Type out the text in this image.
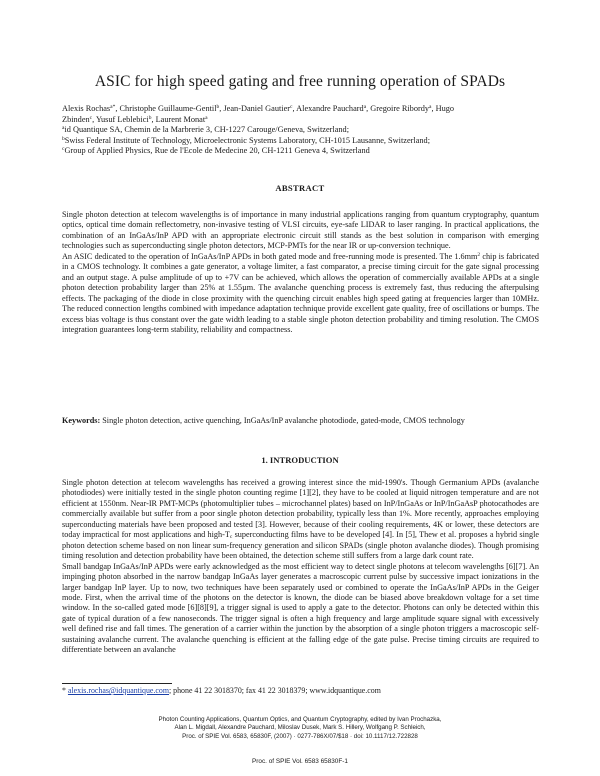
ASIC for high speed gating and free running operation of SPADs

Alexis Rochas$^{a*}$, Christophe Guillaume-Gentil$^b$, Jean-Daniel Gautier$^c$, Alexandre Pauchard$^a$, Gregoire Ribordy$^a$, Hugo

Zbinden$^c$, Yusuf Leblebici$^b$, Laurent Monat$^a$

$^a$id Quantique SA, Chemin de la Marbrerie 3, CH-1227 Carouge/Geneva, Switzerland;

$^b$Swiss Federal Institute of Technology, Microelectronic Systems Laboratory, CH-1015 Lausanne, Switzerland;

$^c$Group of Applied Physics, Rue de l'Ecole de Medecine 20, CH-1211 Geneva 4, Switzerland

ABSTRACT

Single photon detection at telecom wavelengths is of importance in many industrial applications ranging from quantum cryptography, quantum optics, optical time domain reflectometry, non-invasive testing of VLSI circuits, eye-safe LIDAR to laser ranging. In practical applications, the combination of an InGaAs/InP APD with an appropriate electronic circuit still stands as the best solution in comparison with emerging technologies such as superconducting single photon detectors, MCP-PMTs for the near IR or up-conversion technique.

An ASIC dedicated to the operation of InGaAs/InP APDs in both gated mode and free-running mode is presented. The $1.6mm^2$ chip is fabricated in a CMOS technology. It combines a gate generator, a voltage limiter, a fast comparator, a precise timing circuit for the gate signal processing and an output stage. A pulse amplitude of up to +7V can be achieved, which allows the operation of commercially available APDs at a single photon detection probability larger than 25% at 1.55µm. The avalanche quenching process is extremely fast, thus reducing the afterpulsing effects. The packaging of the diode in close proximity with the quenching circuit enables high speed gating at frequencies larger than 10MHz. The reduced connection lengths combined with impedance adaptation technique provide excellent gate quality, free of oscillations or bumps. The excess bias voltage is thus constant over the gate width leading to a stable single photon detection probability and timing resolution. The CMOS integration guarantees long-term stability, reliability and compactness.

Keywords: Single photon detection, active quenching, InGaAs/InP avalanche photodiode, gated-mode, CMOS technology

1. INTRODUCTION

Single photon detection at telecom wavelengths has received a growing interest since the mid-1990's. Though Germanium APDs (avalanche photodiodes) were initially tested in the single photon counting regime [1][2], they have to be cooled at liquid nitrogen temperature and are not efficient at 1550nm. Near-IR PMT-MCPs (photomultiplier tubes – microchannel plates) based on InP/InGaAs or InP/InGaAsP photocathodes are commercially available but suffer from a poor single photon detection probability, typically less than 1%. More recently, approaches employing superconducting materials have been proposed and tested [3]. However, because of their cooling requirements, 4K or lower, these detectors are today impractical for most applications and high-$T_c$ superconducting films have to be developed [4]. In [5], Thew et al. proposes a hybrid single photon detection scheme based on non linear sum-frequency generation and silicon SPADs (single photon avalanche diodes). Though promising timing resolution and detection probability have been obtained, the detection scheme still suffers from a large dark count rate.

Small bandgap InGaAs/InP APDs were early acknowledged as the most efficient way to detect single photons at telecom wavelengths [6][7]. An impinging photon absorbed in the narrow bandgap InGaAs layer generates a macroscopic current pulse by successive impact ionizations in the larger bandgap InP layer. Up to now, two techniques have been separately used or combined to operate the InGaAs/InP APDs in the Geiger mode. First, when the arrival time of the photons on the detector is known, the diode can be biased above breakdown voltage for a set time window. In the so-called gated mode [6][8][9], a trigger signal is used to apply a gate to the detector. Photons can only be detected within this gate of typical duration of a few nanoseconds. The trigger signal is often a high frequency and large amplitude square signal with excessively well defined rise and fall times. The generation of a carrier within the junction by the absorption of a single photon triggers a macroscopic self-sustaining avalanche current. The avalanche quenching is efficient at the falling edge of the gate pulse. Precise timing circuits are required to differentiate between an avalanche

* alexis.rochas@idquantique.com; phone 41 22 3018370; fax 41 22 3018379; www.idquantique.com

Photon Counting Applications, Quantum Optics, and Quantum Cryptography, edited by Ivan Prochazka,

Alan L. Migdall, Alexandre Pauchard, Miloslav Dusek, Mark S. Hillery, Wolfgang P. Schleich,

Proc. of SPIE Vol. 6583, 65830F, (2007) · 0277-786X/07/$18 · doi: 10.1117/12.722828

Proc. of SPIE Vol. 6583 65830F-1
